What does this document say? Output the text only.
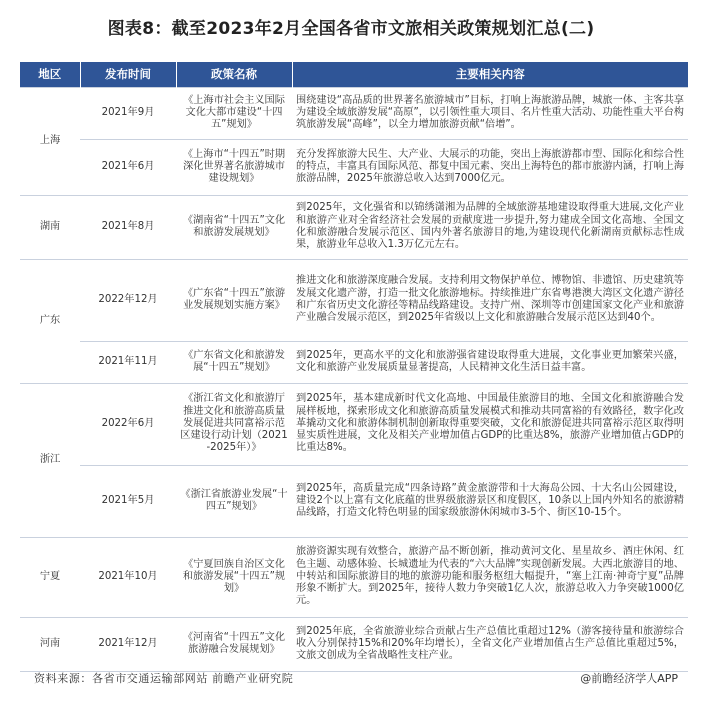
图表8：截至2023年2月全国各省市文旅相关政策规划汇总(二)
地区	发布时间	政策名称	主要相关内容
上海	2021年9月	《上海市社会主义国际文化大都市建设“十四五”规划》	围绕建设“高品质的世界著名旅游城市”目标，打响上海旅游品牌，城旅一体、主客共享为建设全域旅游发展“高原”，以引领性重大项目、名片性重大活动、功能性重大平台构筑旅游发展“高峰”，以全力增加旅游贡献“倍增”。
	2021年6月	《上海市“十四五”时期深化世界著名旅游城市建设规划》	充分发挥旅游大民生、大产业、大展示的功能，突出上海旅游都市型、国际化和综合性的特点，丰富具有国际风范、都复中国元素、突出上海特色的都市旅游内涵，打响上海旅游品牌，2025年旅游总收入达到7000亿元。
湖南	2021年8月	《湖南省“十四五”文化和旅游发展规划》	到2025年，文化强省和以锦绣潇湘为品牌的全域旅游基地建设取得重大进展,文化产业和旅游产业对全省经济社会发展的贡献度进一步提升,努力建成全国文化高地、全国文化和旅游融合发展示范区、国内外著名旅游目的地,为建设现代化新湖南贡献标志性成果，旅游业年总收入1.3万亿元左右。
广东	2022年12月	《广东省“十四五”旅游业发展规划实施方案》	推进文化和旅游深度融合发展。支持利用文物保护单位、博物馆、非遗馆、历史建筑等发展文化遗产游，打造一批文化旅游地标。持续推进广东省粤港澳大湾区文化遗产游径和广东省历史文化游径等精品线路建设。支持广州、深圳等市创建国家文化产业和旅游产业融合发展示范区，到2025年省级以上文化和旅游融合发展示范区达到40个。
	2021年11月	《广东省文化和旅游发展“十四五”规划》	到2025年，更高水平的文化和旅游强省建设取得重大进展，文化事业更加繁荣兴盛，文化和旅游产业发展质量显著提高，人民精神文化生活日益丰富。
浙江	2022年6月	《浙江省文化和旅游厅推进文化和旅游高质量发展促进共同富裕示范区建设行动计划（2021-2025年）》	到2025年，基本建成新时代文化高地、中国最佳旅游目的地、全国文化和旅游融合发展样板地，探索形成文化和旅游高质量发展模式和推动共同富裕的有效路径，数字化改革撬动文化和旅游体制机制创新取得重要突破，文化和旅游促进共同富裕示范区取得明显实质性进展，文化及相关产业增加值占GDP的比重达8%，旅游产业增加值占GDP的比重达8%。
	2021年5月	《浙江省旅游业发展“十四五”规划》	到2025年，高质量完成“四条诗路”黄金旅游带和十大海岛公园、十大名山公园建设，建设2个以上富有文化底蕴的世界级旅游景区和度假区，10条以上国内外知名的旅游精品线路，打造文化特色明显的国家级旅游休闲城市3-5个、街区10-15个。
宁夏	2021年10月	《宁夏回族自治区文化和旅游发展“十四五”规划》	旅游资源实现有效整合，旅游产品不断创新，推动黄河文化、星星故乡、酒庄休闲、红色主题、动感体验、长城遗址为代表的“六大品牌”实现创新发展。大西北旅游目的地、中转站和国际旅游目的地的旅游功能和服务枢纽大幅提升，“塞上江南·神奇宁夏”品牌形象不断扩大。到2025年，接待人数力争突破1亿人次，旅游总收入力争突破1000亿元。
河南	2021年12月	《河南省“十四五”文化旅游融合发展规划》	到2025年底，全省旅游业综合贡献占生产总值比重超过12%（游客接待量和旅游综合收入分别保持15%和20%年均增长），全省文化产业增加值占生产总值比重超过5%，文旅文创成为全省战略性支柱产业。
资料来源：各省市交通运输部网站 前瞻产业研究院	@前瞻经济学人APP
